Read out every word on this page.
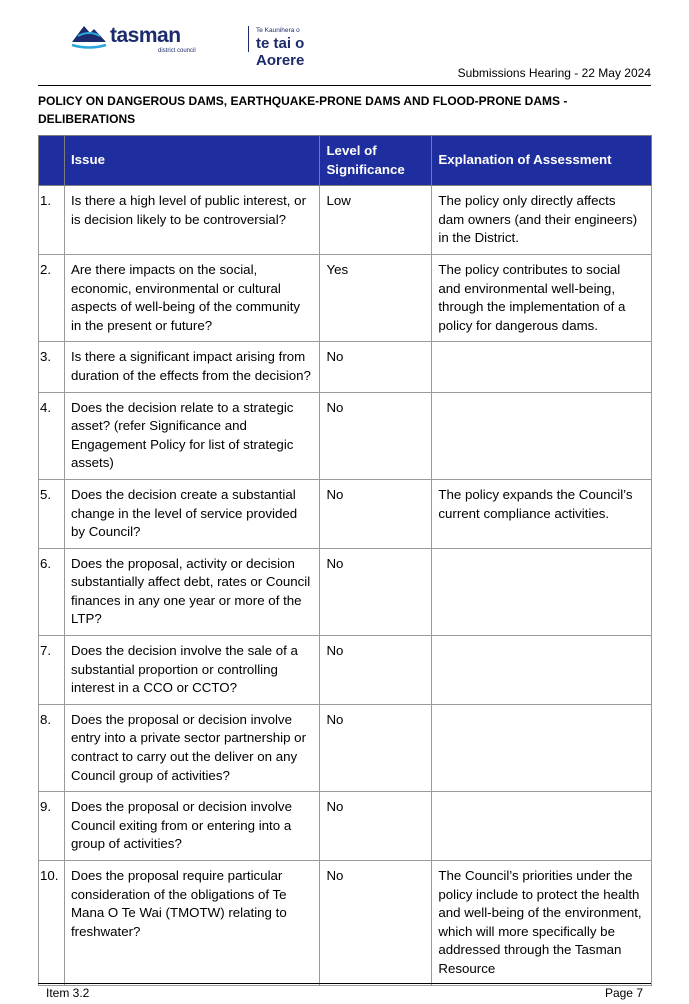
tasman
district council
Te Kaunihera o
te tai o Aorere
Submissions Hearing - 22 May 2024
POLICY ON DANGEROUS DAMS, EARTHQUAKE-PRONE DAMS AND FLOOD-PRONE DAMS - DELIBERATIONS
	Issue	Level of Significance	Explanation of Assessment
1.	Is there a high level of public interest, or is decision likely to be controversial?	Low	The policy only directly affects dam owners (and their engineers) in the District.
2.	Are there impacts on the social, economic, environmental or cultural aspects of well-being of the community in the present or future?	Yes	The policy contributes to social and environmental well-being, through the implementation of a policy for dangerous dams.
3.	Is there a significant impact arising from duration of the effects from the decision?	No	
4.	Does the decision relate to a strategic asset? (refer Significance and Engagement Policy for list of strategic assets)	No	
5.	Does the decision create a substantial change in the level of service provided by Council?	No	The policy expands the Council’s current compliance activities.
6.	Does the proposal, activity or decision substantially affect debt, rates or Council finances in any one year or more of the LTP?	No	
7.	Does the decision involve the sale of a substantial proportion or controlling interest in a CCO or CCTO?	No	
8.	Does the proposal or decision involve entry into a private sector partnership or contract to carry out the deliver on any Council group of activities?	No	
9.	Does the proposal or decision involve Council exiting from or entering into a group of activities?	No	
10.	Does the proposal require particular consideration of the obligations of Te Mana O Te Wai (TMOTW) relating to freshwater?	No	The Council’s priorities under the policy include to protect the health and well-being of the environment, which will more specifically be addressed through the Tasman Resource
Item 3.2	Page 7
